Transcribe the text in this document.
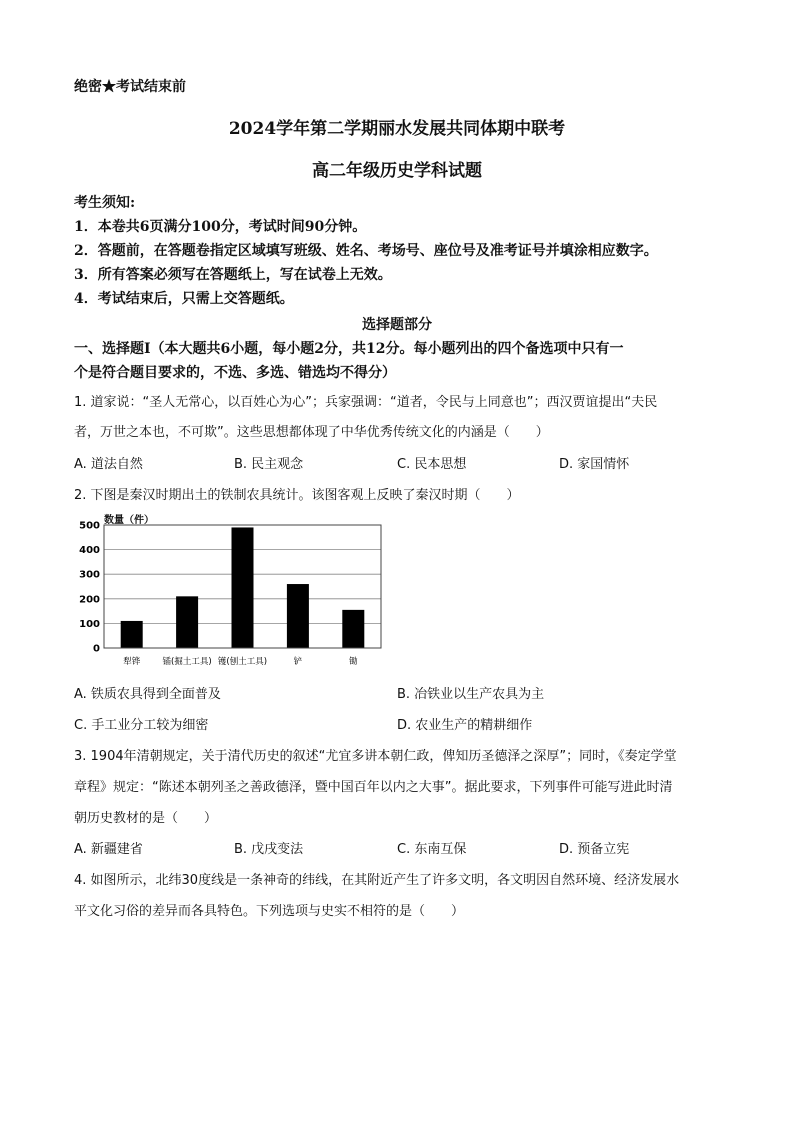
绝密★考试结束前
2024学年第二学期丽水发展共同体期中联考
高二年级历史学科试题
考生须知:
1．本卷共6页满分100分，考试时间90分钟。
2．答题前，在答题卷指定区域填写班级、姓名、考场号、座位号及准考证号并填涂相应数字。
3．所有答案必须写在答题纸上，写在试卷上无效。
4．考试结束后，只需上交答题纸。
选择题部分
一、选择题Ⅰ（本大题共6小题，每小题2分，共12分。每小题列出的四个备选项中只有一
个是符合题目要求的，不选、多选、错选均不得分）
1. 道家说：“圣人无常心，以百姓心为心”；兵家强调：“道者，令民与上同意也”；西汉贾谊提出“夫民
者，万世之本也，不可欺”。这些思想都体现了中华优秀传统文化的内涵是（　　）
A. 道法自然	B. 民主观念	C. 民本思想	D. 家国情怀
2. 下图是秦汉时期出土的铁制农具统计。该图客观上反映了秦汉时期（　　）
数量（件）
0
100
200
300
400
500
犁铧	锸(掘土工具) 镬(刨土工具)	铲	锄
A. 铁质农具得到全面普及	B. 冶铁业以生产农具为主
C. 手工业分工较为细密	D. 农业生产的精耕细作
3. 1904年清朝规定，关于清代历史的叙述“尤宜多讲本朝仁政，俾知历圣德泽之深厚”；同时，《奏定学堂
章程》规定：“陈述本朝列圣之善政德泽，暨中国百年以内之大事”。据此要求，下列事件可能写进此时清
朝历史教材的是（　　）
A. 新疆建省	B. 戊戌变法	C. 东南互保	D. 预备立宪
4. 如图所示，北纬30度线是一条神奇的纬线，在其附近产生了许多文明，各文明因自然环境、经济发展水
平文化习俗的差异而各具特色。下列选项与史实不相符的是（　　）
